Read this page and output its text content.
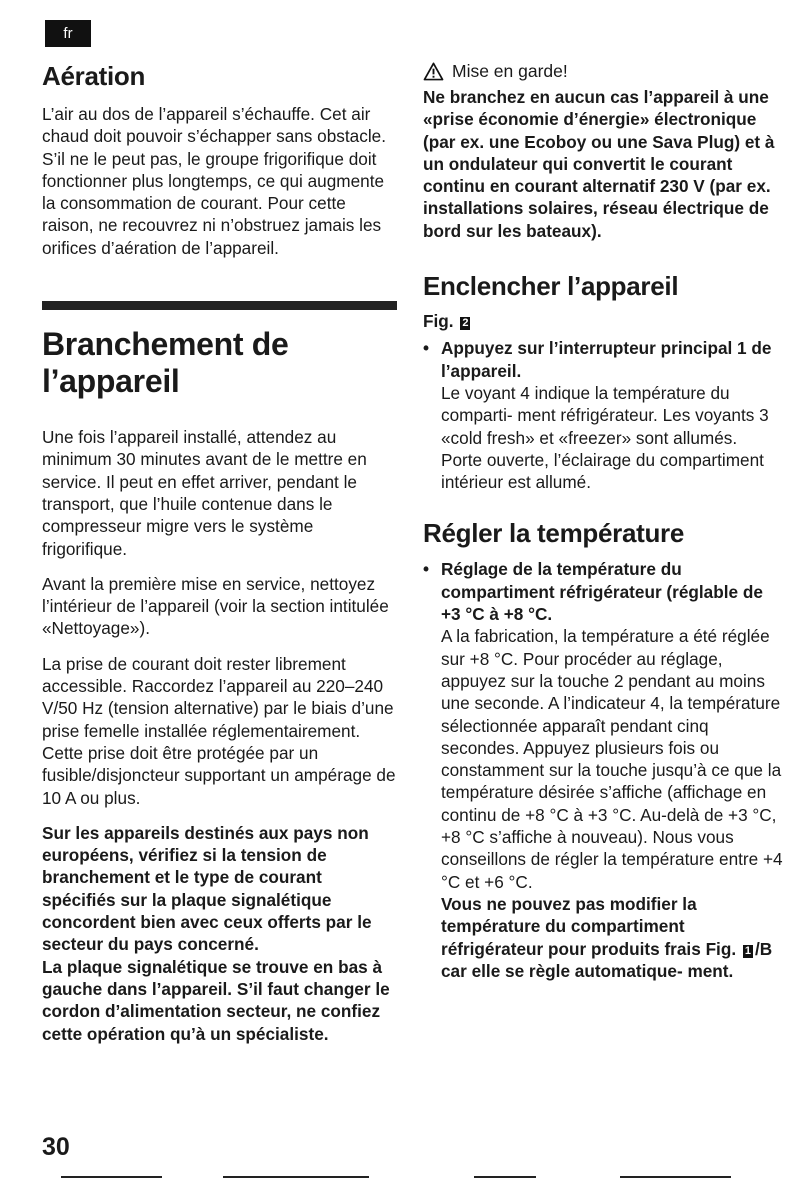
fr
Aération

L’air au dos de l’appareil s’échauffe. Cet air chaud doit pouvoir s’échapper sans obstacle. S’il ne le peut pas, le groupe frigorifique doit fonctionner plus longtemps, ce qui augmente la consommation de courant. Pour cette raison, ne recouvrez ni n’obstruez jamais les orifices d’aération de l’appareil.

Branchement de l’appareil

Une fois l’appareil installé, attendez au minimum 30 minutes avant de le mettre en service. Il peut en effet arriver, pendant le transport, que l’huile contenue dans le compresseur migre vers le système frigorifique.

Avant la première mise en service, nettoyez l’intérieur de l’appareil (voir la section intitulée «Nettoyage»).

La prise de courant doit rester librement accessible. Raccordez l’appareil au 220–240 V/50 Hz (tension alternative) par le biais d’une prise femelle installée réglementairement. Cette prise doit être protégée par un fusible/disjoncteur supportant un ampérage de 10 A ou plus.

Sur les appareils destinés aux pays non européens, vérifiez si la tension de branchement et le type de courant spécifiés sur la plaque signalétique concordent bien avec ceux offerts par le secteur du pays concerné.

La plaque signalétique se trouve en bas à gauche dans l’appareil. S’il faut changer le cordon d’alimentation secteur, ne confiez cette opération qu’à un spécialiste.

Mise en garde!

Ne branchez en aucun cas l’appareil à une «prise économie d’énergie» électronique (par ex. une Ecoboy ou une Sava Plug) et à un ondulateur qui convertit le courant continu en courant alternatif 230 V (par ex. installations solaires, réseau électrique de bord sur les bateaux).

Enclencher l’appareil

Fig. 2

• Appuyez sur l’interrupteur principal 1 de l’appareil.

Le voyant 4 indique la température du comparti- ment réfrigérateur. Les voyants 3 «cold fresh» et «freezer» sont allumés. Porte ouverte, l’éclairage du compartiment intérieur est allumé.

Régler la température

• Réglage de la température du compartiment réfrigérateur (réglable de +3 °C à +8 °C.

A la fabrication, la température a été réglée sur +8 °C. Pour procéder au réglage, appuyez sur la touche 2 pendant au moins une seconde. A l’indicateur 4, la température sélectionnée apparaît pendant cinq secondes. Appuyez plusieurs fois ou constamment sur la touche jusqu’à ce que la température désirée s’affiche (affichage en continu de +8 °C à +3 °C. Au-delà de +3 °C, +8 °C s’affiche à nouveau). Nous vous conseillons de régler la température entre +4 °C et +6 °C.

Vous ne pouvez pas modifier la température du compartiment réfrigérateur pour produits frais Fig. 1 /B car elle se règle automatique- ment.

30
